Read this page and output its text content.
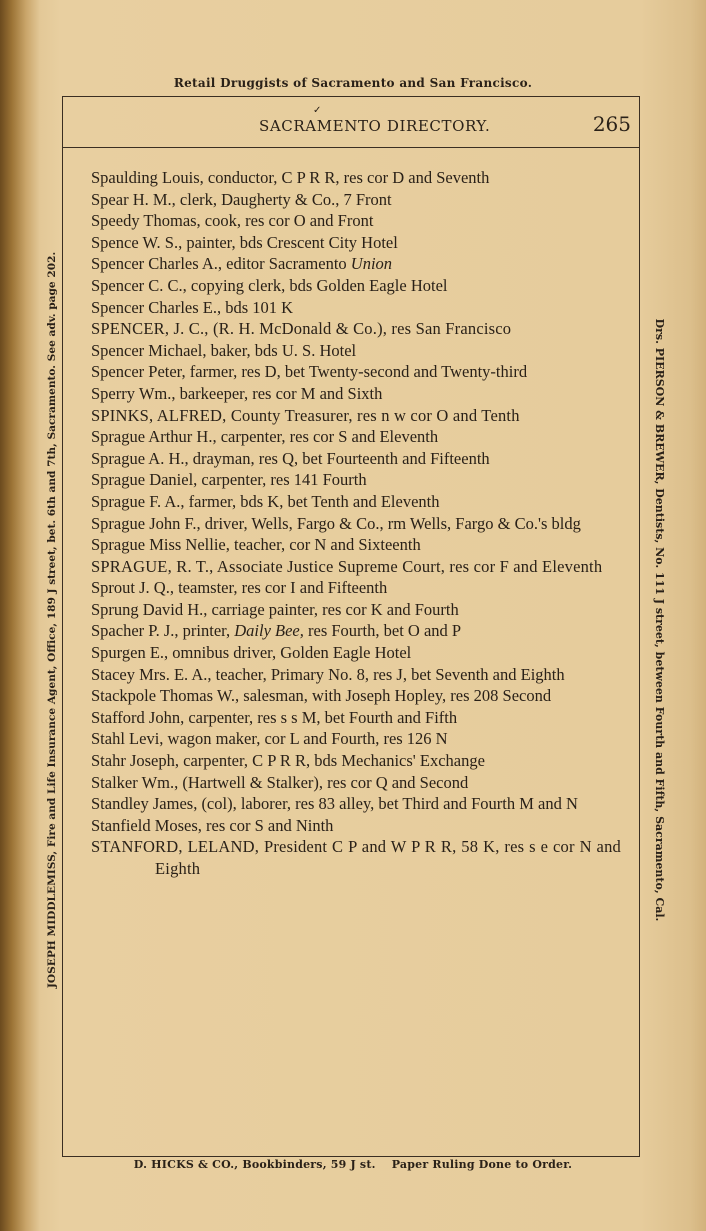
Retail Druggists of Sacramento and San Francisco.
JOSEPH MIDDLEMISS, Fire and Life Insurance Agent, Office, 189 J street, bet. 6th and 7th, Sacramento. See adv. page 202.	Drs. PIERSON & BREWER, Dentists, No. 111 J street, between Fourth and Fifth, Sacramento, Cal.
✓
SACRAMENTO DIRECTORY.	265
Spaulding Louis, conductor, C P R R, res cor D and Seventh
Spear H. M., clerk, Daugherty & Co., 7 Front
Speedy Thomas, cook, res cor O and Front
Spence W. S., painter, bds Crescent City Hotel
Spencer Charles A., editor Sacramento Union
Spencer C. C., copying clerk, bds Golden Eagle Hotel
Spencer Charles E., bds 101 K
SPENCER, J. C., (R. H. McDonald & Co.), res San Francisco
Spencer Michael, baker, bds U. S. Hotel
Spencer Peter, farmer, res D, bet Twenty-second and Twenty-third
Sperry Wm., barkeeper, res cor M and Sixth
SPINKS, ALFRED, County Treasurer, res n w cor O and Tenth
Sprague Arthur H., carpenter, res cor S and Eleventh
Sprague A. H., drayman, res Q, bet Fourteenth and Fifteenth
Sprague Daniel, carpenter, res 141 Fourth
Sprague F. A., farmer, bds K, bet Tenth and Eleventh
Sprague John F., driver, Wells, Fargo & Co., rm Wells, Fargo & Co.'s bldg
Sprague Miss Nellie, teacher, cor N and Sixteenth
SPRAGUE, R. T., Associate Justice Supreme Court, res cor F and Eleventh
Sprout J. Q., teamster, res cor I and Fifteenth
Sprung David H., carriage painter, res cor K and Fourth
Spacher P. J., printer, Daily Bee, res Fourth, bet O and P
Spurgen E., omnibus driver, Golden Eagle Hotel
Stacey Mrs. E. A., teacher, Primary No. 8, res J, bet Seventh and Eighth
Stackpole Thomas W., salesman, with Joseph Hopley, res 208 Second
Stafford John, carpenter, res s s M, bet Fourth and Fifth
Stahl Levi, wagon maker, cor L and Fourth, res 126 N
Stahr Joseph, carpenter, C P R R, bds Mechanics' Exchange
Stalker Wm., (Hartwell & Stalker), res cor Q and Second
Standley James, (col), laborer, res 83 alley, bet Third and Fourth M and N
Stanfield Moses, res cor S and Ninth
STANFORD, LELAND, President C P and W P R R, 58 K, res s e cor N and Eighth
D. HICKS & CO., Bookbinders, 59 J st.    Paper Ruling Done to Order.
